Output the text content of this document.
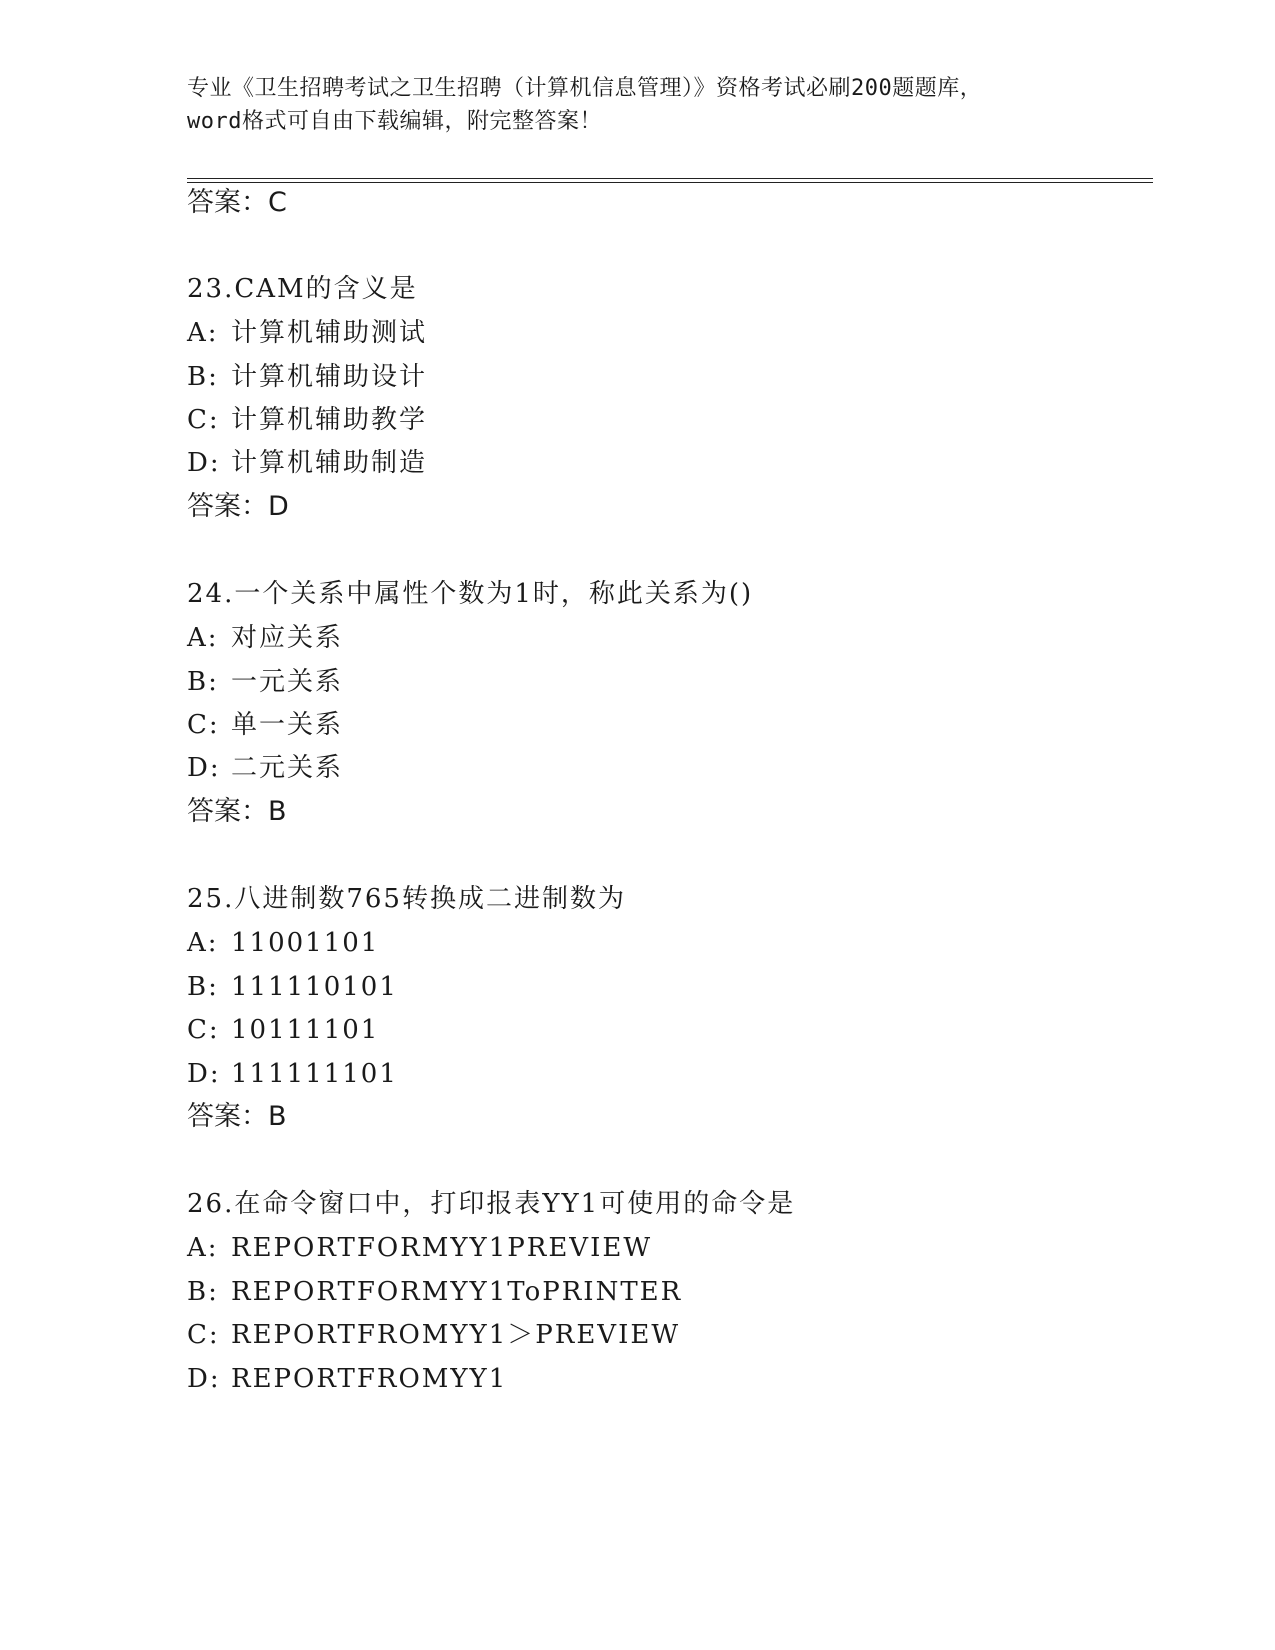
专业《卫生招聘考试之卫生招聘（计算机信息管理）》资格考试必刷200题题库，
word格式可自由下载编辑，附完整答案！
答案：C
23.CAM的含义是
A: 计算机辅助测试
B: 计算机辅助设计
C: 计算机辅助教学
D: 计算机辅助制造
答案：D
24.一个关系中属性个数为1时，称此关系为()
A: 对应关系
B: 一元关系
C: 单一关系
D: 二元关系
答案：B
25.八进制数765转换成二进制数为
A: 11001101
B: 111110101
C: 10111101
D: 111111101
答案：B
26.在命令窗口中，打印报表YY1可使用的命令是
A: REPORTFORMYY1PREVIEW
B: REPORTFORMYY1ToPRINTER
C: REPORTFROMYY1＞PREVIEW
D: REPORTFROMYY1
